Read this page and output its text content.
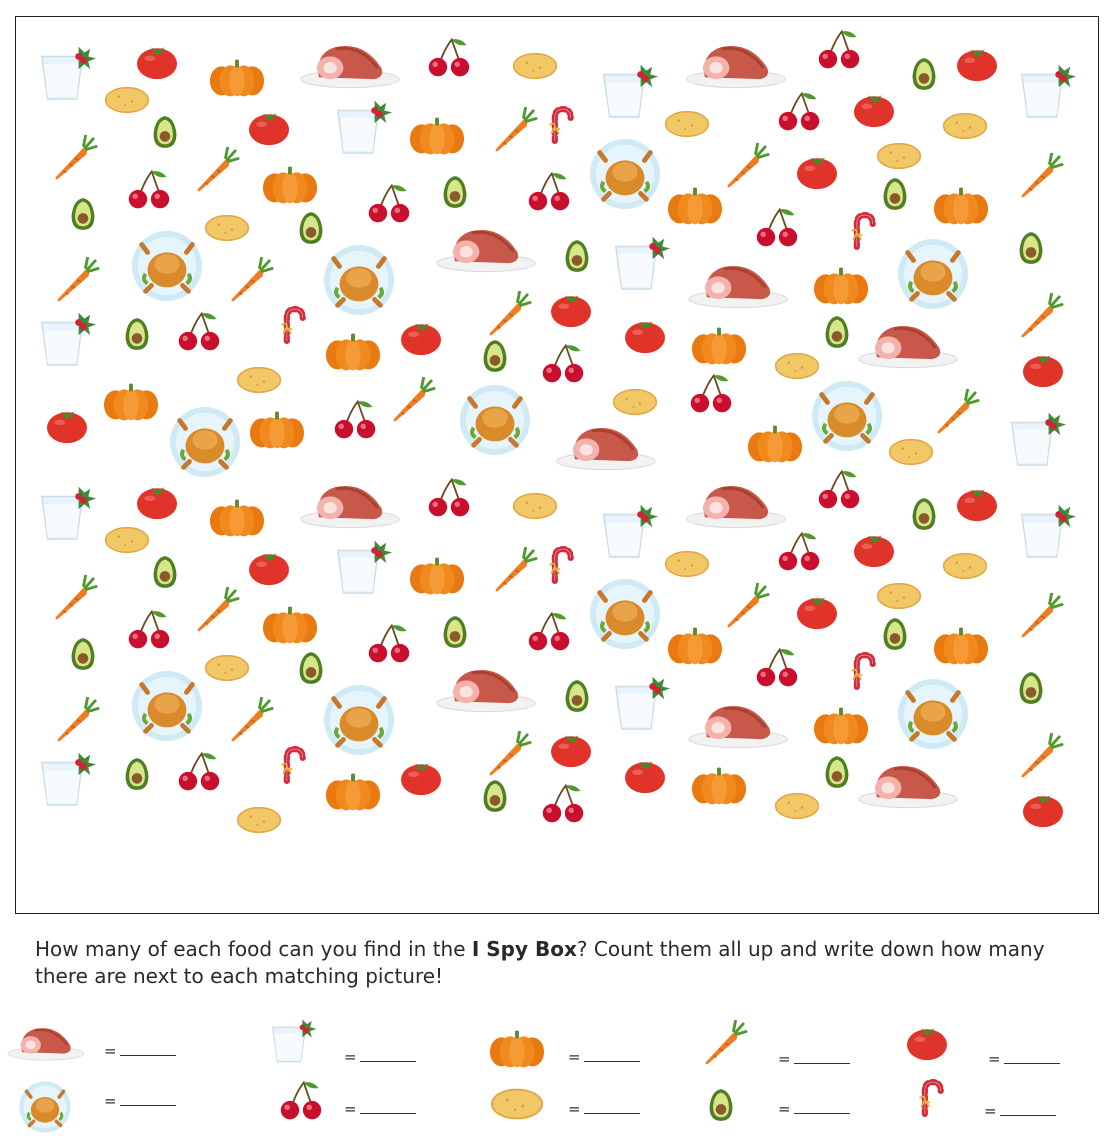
How many of each food can you find in the I Spy Box? Count them all up and write down how many there are next to each matching picture!

=	=	=	=	=
=	=	=	=	=
